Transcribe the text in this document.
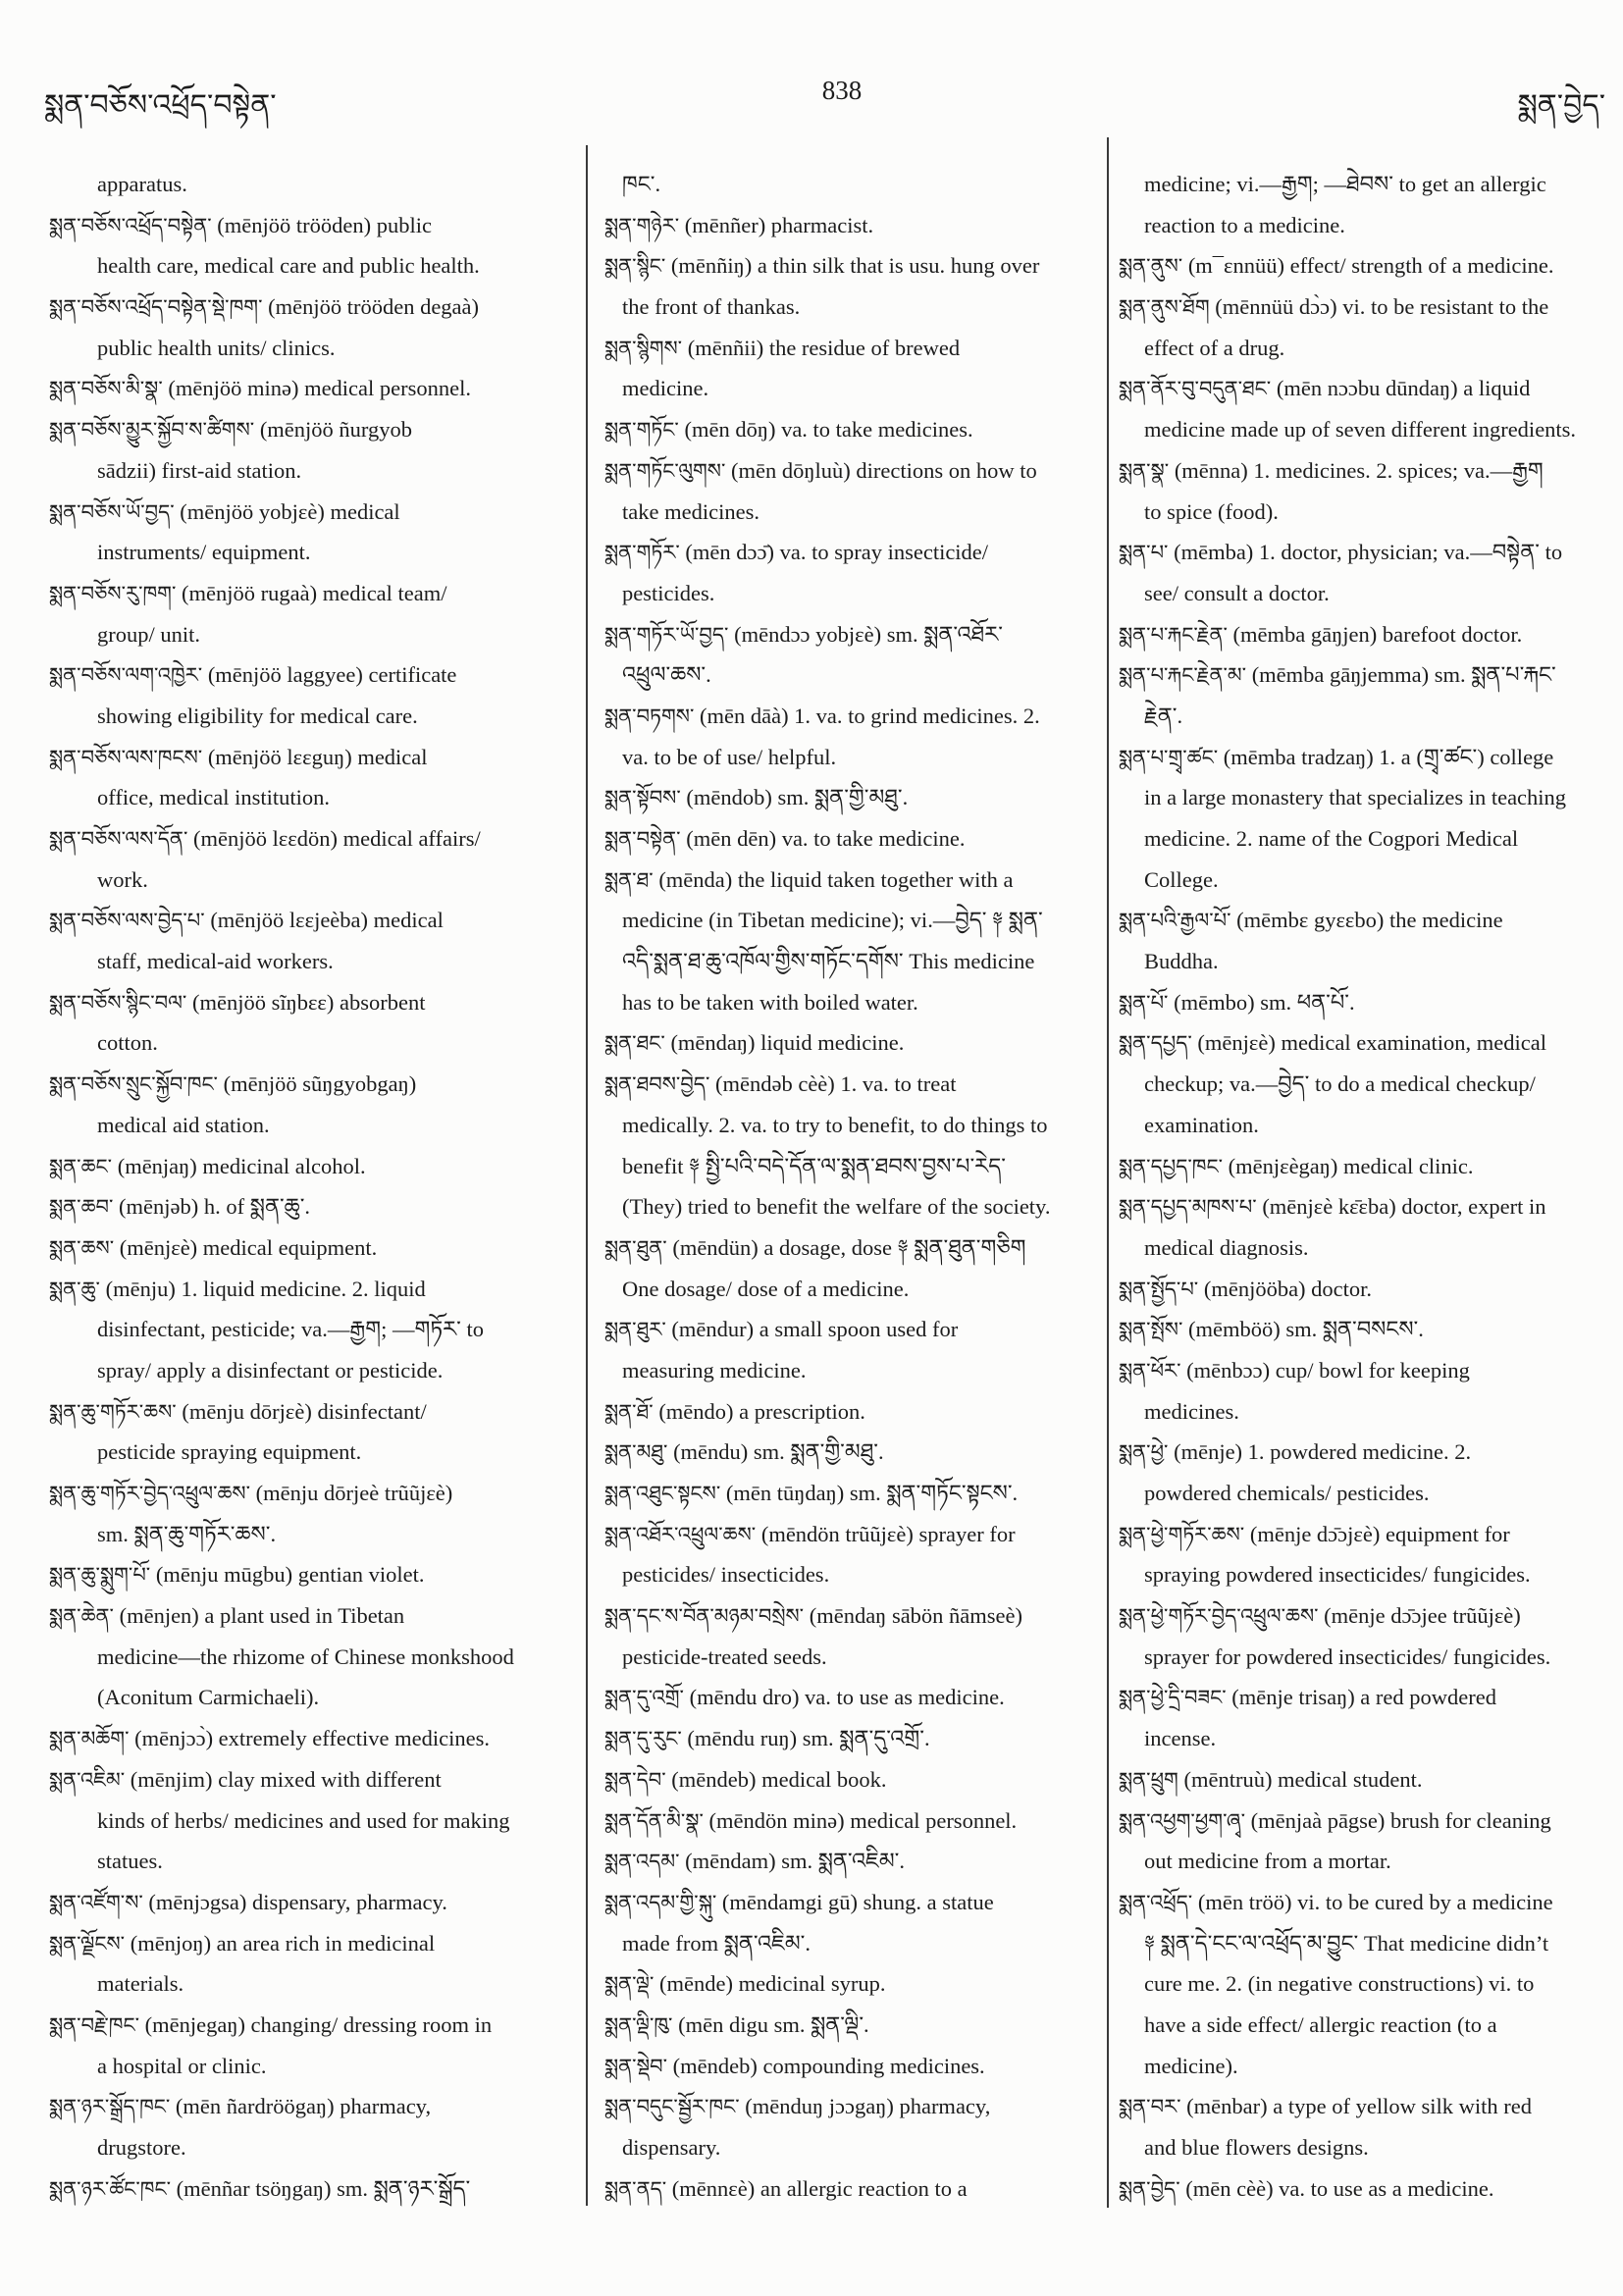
སྨན་བཅོས་འཕྲོད་བསྟེན་	838	སྨན་བྱེད་
apparatus.
སྨན་བཅོས་འཕྲོད་བསྟེན་ (mēnjöö trööden) public
health care, medical care and public health.
སྨན་བཅོས་འཕྲོད་བསྟེན་སྡེ་ཁག་ (mēnjöö trööden degaà)
public health units/ clinics.
སྨན་བཅོས་མི་སྣ་ (mēnjöö minə) medical personnel.
སྨན་བཅོས་མྱུར་སྐྱོབ་ས་ཚིགས་ (mēnjöö ñurgyob
sādzii) first-aid station.
སྨན་བཅོས་ཡོ་བྱད་ (mēnjöö yobjɛè) medical
instruments/ equipment.
སྨན་བཅོས་རུ་ཁག་ (mēnjöö rugaà) medical team/
group/ unit.
སྨན་བཅོས་ལག་འཁྱེར་ (mēnjöö laggyee) certificate
showing eligibility for medical care.
སྨན་བཅོས་ལས་ཁངས་ (mēnjöö lɛɛguŋ) medical
office, medical institution.
སྨན་བཅོས་ལས་དོན་ (mēnjöö lɛɛdön) medical affairs/
work.
སྨན་བཅོས་ལས་བྱེད་པ་ (mēnjöö lɛɛjeèba) medical
staff, medical-aid workers.
སྨན་བཅོས་སྙིང་བལ་ (mēnjöö sĩŋbɛɛ) absorbent
cotton.
སྨན་བཅོས་སྲུང་སྐྱོབ་ཁང་ (mēnjöö sũŋgyobgaŋ)
medical aid station.
སྨན་ཆང་ (mēnjaŋ) medicinal alcohol.
སྨན་ཆབ་ (mēnjəb) h. of སྨན་ཆུ་.
སྨན་ཆས་ (mēnjɛè) medical equipment.
སྨན་ཆུ་ (mēnju) 1. liquid medicine. 2. liquid
disinfectant, pesticide; va.—རྒྱག; —གཏོར་ to
spray/ apply a disinfectant or pesticide.
སྨན་ཆུ་གཏོར་ཆས་ (mēnju dōrjɛè) disinfectant/
pesticide spraying equipment.
སྨན་ཆུ་གཏོར་བྱེད་འཕྲུལ་ཆས་ (mēnju dōrjeè trũũjɛè)
sm. སྨན་ཆུ་གཏོར་ཆས་.
སྨན་ཆུ་སྨུག་པོ་ (mēnju mūgbu) gentian violet.
སྨན་ཆེན་ (mēnjen) a plant used in Tibetan
medicine—the rhizome of Chinese monkshood
(Aconitum Carmichaeli).
སྨན་མཆོག་ (mēnjɔɔ̀) extremely effective medicines.
སྨན་འཇིམ་ (mēnjim) clay mixed with different
kinds of herbs/ medicines and used for making
statues.
སྨན་འཛོག་ས་ (mēnjɔgsa) dispensary, pharmacy.
སྨན་ལྗོངས་ (mēnjoŋ) an area rich in medicinal
materials.
སྨན་བརྗེ་ཁང་ (mēnjegaŋ) changing/ dressing room in
a hospital or clinic.
སྨན་ཉར་སྒྲོད་ཁང་ (mēn ñardröögaŋ) pharmacy,
drugstore.
སྨན་ཉར་ཚོང་ཁང་ (mēnñar tsöŋgaŋ) sm. སྨན་ཉར་སྒྲོད་
ཁང་.
སྨན་གཉེར་ (mēnñer) pharmacist.
སྨན་སྙིང་ (mēnñiŋ) a thin silk that is usu. hung over
the front of thankas.
སྨན་སྙིགས་ (mēnñii) the residue of brewed
medicine.
སྨན་གཏོང་ (mēn dōŋ) va. to take medicines.
སྨན་གཏོང་ལུགས་ (mēn dōŋluù) directions on how to
take medicines.
སྨན་གཏོར་ (mēn dɔɔ̄) va. to spray insecticide/
pesticides.
སྨན་གཏོར་ཡོ་བྱད་ (mēndɔɔ yobjɛè) sm. སྨན་འཐོར་
འཕྲུལ་ཆས་.
སྨན་བཏགས་ (mēn dāà) 1. va. to grind medicines. 2.
va. to be of use/ helpful.
སྨན་སྟོབས་ (mēndob) sm. སྨན་གྱི་མཐུ་.
སྨན་བསྟེན་ (mēn dēn) va. to take medicine.
སྨན་ཐ་ (mēnda) the liquid taken together with a
medicine (in Tibetan medicine); vi.—བྱེད་ ༈ སྨན་
འདི་སྨན་ཐ་ཆུ་འཁོལ་གྱིས་གཏོང་དགོས་ This medicine
has to be taken with boiled water.
སྨན་ཐང་ (mēndaŋ) liquid medicine.
སྨན་ཐབས་བྱེད་ (mēndəb cèè) 1. va. to treat
medically. 2. va. to try to benefit, to do things to
benefit ༈ སྤྱི་པའི་བདེ་དོན་ལ་སྨན་ཐབས་བྱས་པ་རེད་
(They) tried to benefit the welfare of the society.
སྨན་ཐུན་ (mēndün) a dosage, dose ༈ སྨན་ཐུན་གཅིག
One dosage/ dose of a medicine.
སྨན་ཐུར་ (mēndur) a small spoon used for
measuring medicine.
སྨན་ཐོ་ (mēndo) a prescription.
སྨན་མཐུ་ (mēndu) sm. སྨན་གྱི་མཐུ་.
སྨན་འཐུང་སྟངས་ (mēn tūŋdaŋ) sm. སྨན་གཏོང་སྟངས་.
སྨན་འཐོར་འཕྲུལ་ཆས་ (mēndön trũũjɛè) sprayer for
pesticides/ insecticides.
སྨན་དང་ས་བོན་མཉམ་བསྲེས་ (mēndaŋ sābön ñāmseè)
pesticide-treated seeds.
སྨན་དུ་འགྲོ་ (mēndu dro) va. to use as medicine.
སྨན་དུ་རུང་ (mēndu ruŋ) sm. སྨན་དུ་འགྲོ་.
སྨན་དེབ་ (mēndeb) medical book.
སྨན་དོན་མི་སྣ་ (mēndön minə) medical personnel.
སྨན་འདམ་ (mēndam) sm. སྨན་འཇིམ་.
སྨན་འདམ་གྱི་སྐུ་ (mēndamgi gū) shung. a statue
made from སྨན་འཇིམ་.
སྨན་ལྡེ་ (mēnde) medicinal syrup.
སྨན་ལྡི་ཁུ་ (mēn digu sm. སྨན་ལྡི་.
སྨན་སྡེབ་ (mēndeb) compounding medicines.
སྨན་བདུང་སྦྱོར་ཁང་ (mēnduŋ jɔɔgaŋ) pharmacy,
dispensary.
སྨན་ནད་ (mēnnɛè) an allergic reaction to a
medicine; vi.—རྒྱག; —ཐེབས་ to get an allergic
reaction to a medicine.
སྨན་ནུས་ (m¯ɛnnüü) effect/ strength of a medicine.
སྨན་ནུས་ཐོག (mēnnüü dɔ̀ɔ) vi. to be resistant to the
effect of a drug.
སྨན་ནོར་བུ་བདུན་ཐང་ (mēn nɔɔbu dūndaŋ) a liquid
medicine made up of seven different ingredients.
སྨན་སྣ་ (mēnna) 1. medicines. 2. spices; va.—རྒྱག
to spice (food).
སྨན་པ་ (mēmba) 1. doctor, physician; va.—བསྟེན་ to
see/ consult a doctor.
སྨན་པ་རྐང་རྗེན་ (mēmba gāŋjen) barefoot doctor.
སྨན་པ་རྐང་རྗེན་མ་ (mēmba gāŋjemma) sm. སྨན་པ་རྐང་
རྗེན་.
སྨན་པ་གྲྭ་ཚང་ (mēmba tradzaŋ) 1. a (གྲྭ་ཚང་) college
in a large monastery that specializes in teaching
medicine. 2. name of the Cogpori Medical
College.
སྨན་པའི་རྒྱལ་པོ་ (mēmbɛ gyɛɛbo) the medicine
Buddha.
སྨན་པོ་ (mēmbo) sm. ཕན་པོ་.
སྨན་དཔྱད་ (mēnjɛè) medical examination, medical
checkup; va.—བྱེད་ to do a medical checkup/
examination.
སྨན་དཔྱད་ཁང་ (mēnjɛègaŋ) medical clinic.
སྨན་དཔྱད་མཁས་པ་ (mēnjɛè kɛ̄ɛba) doctor, expert in
medical diagnosis.
སྨན་སྤྱོད་པ་ (mēnjööba) doctor.
སྨན་སྤོས་ (mēmböö) sm. སྨན་བསངས་.
སྨན་ཕོར་ (mēnbɔɔ) cup/ bowl for keeping
medicines.
སྨན་ཕྱེ་ (mēnje) 1. powdered medicine. 2.
powdered chemicals/ pesticides.
སྨན་ཕྱེ་གཏོར་ཆས་ (mēnje dɔ̄ɔjɛè) equipment for
spraying powdered insecticides/ fungicides.
སྨན་ཕྱེ་གཏོར་བྱེད་འཕྲུལ་ཆས་ (mēnje dɔ̄ɔjee trũũjɛè)
sprayer for powdered insecticides/ fungicides.
སྨན་ཕྱེ་དྲི་བཟང་ (mēnje trisaŋ) a red powdered
incense.
སྨན་ཕྲུག (mēntruù) medical student.
སྨན་འཕྱག་ཕྱག་ཞྭ་ (mēnjaà pāgse) brush for cleaning
out medicine from a mortar.
སྨན་འཕྲོད་ (mēn tröö) vi. to be cured by a medicine
༈ སྨན་དེ་ངང་ལ་འཕྲོད་མ་བྱུང་ That medicine didn’t
cure me. 2. (in negative constructions) vi. to
have a side effect/ allergic reaction (to a
medicine).
སྨན་བར་ (mēnbar) a type of yellow silk with red
and blue flowers designs.
སྨན་བྱེད་ (mēn cèè) va. to use as a medicine.
